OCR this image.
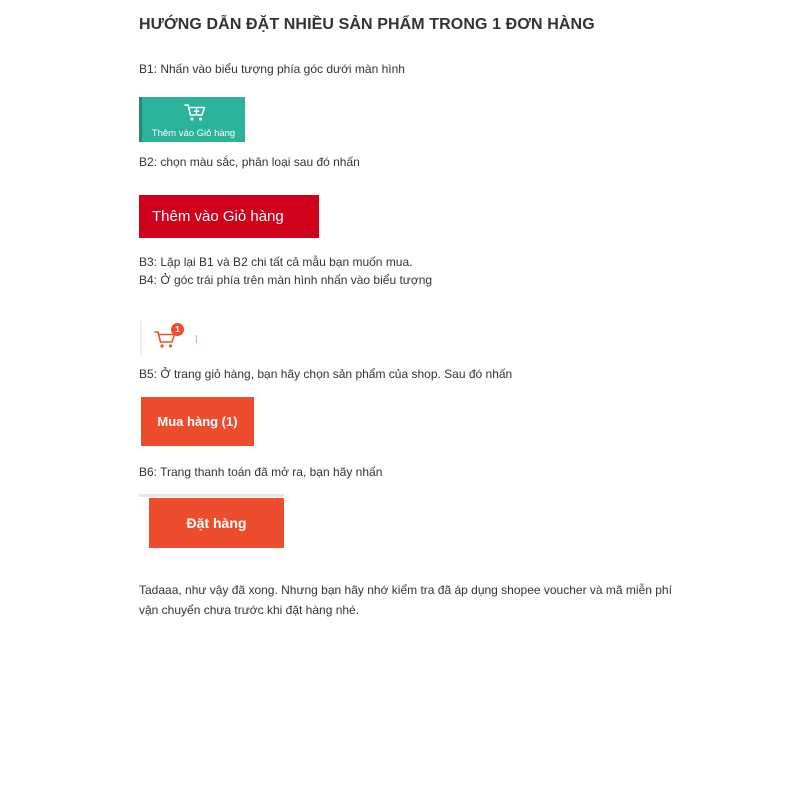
HƯỚNG DẪN ĐẶT NHIỀU SẢN PHẨM TRONG 1 ĐƠN HÀNG
B1: Nhấn vào biểu tượng phía góc dưới màn hình
Thêm vào Giỏ hàng
B2: chọn màu sắc, phân loại sau đó nhấn
Thêm vào Giỏ hàng
B3: Lặp lại B1 và B2 chi tất cả mẫu bạn muốn mua.
B4: Ở góc trái phía trên màn hình nhấn vào biểu tượng
1
B5: Ở trang giỏ hàng, bạn hãy chọn sản phẩm của shop. Sau đó nhấn
Mua hàng (1)
B6: Trang thanh toán đã mở ra, bạn hãy nhấn
Đặt hàng
Tadaaa, như vậy đã xong. Nhưng bạn hãy nhớ kiểm tra đã áp dụng shopee voucher và mã miễn phí vận chuyển chưa trước khi đặt hàng nhé.
